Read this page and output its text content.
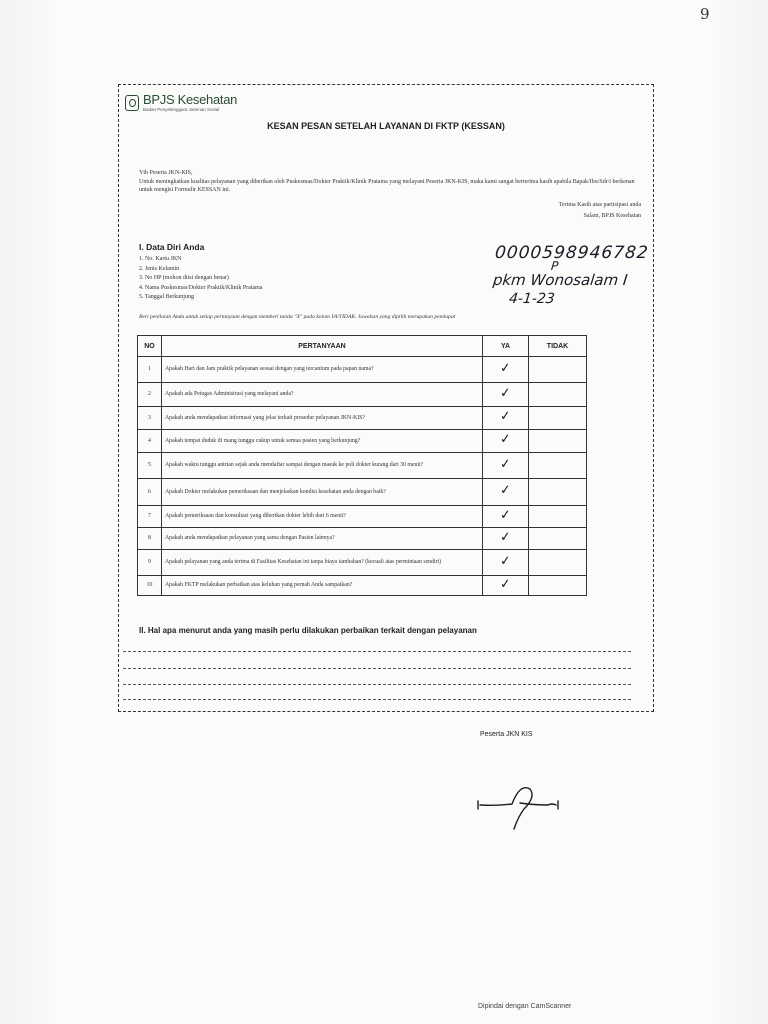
9
BPJS Kesehatan
Badan Penyelenggara Jaminan Sosial
KESAN PESAN SETELAH LAYANAN DI FKTP (KESSAN)
Yth Peserta JKN-KIS,
Untuk meningkatkan kualitas pelayanan yang diberikan oleh Puskesmas/Dokter Praktik/Klinik Pratama yang melayani Peserta JKN-KIS, maka kami sangat berterima kasih apabila Bapak/Ibu/Sdr/i berkenan untuk mengisi Formulir KESSAN ini.
Terima Kasih atas partisipasi anda
Salam, BPJS Kesehatan
I. Data Diri Anda
1. No. Kartu JKN
2. Jenis Kelamin
3. No HP (mohon diisi dengan benar)
4. Nama Puskesmas/Dokter Praktik/Klinik Pratama
5. Tanggal Berkunjung
0000598946782
P
pkm Wonosalam I
4-1-23
Beri penilaian Anda untuk setiap pertanyaan dengan memberi tanda "X" pada kolom YA/TIDAK. Jawaban yang dipilih merupakan pendapat
NO	PERTANYAAN	YA	TIDAK
1	Apakah Hari dan Jam praktik pelayanan sesuai dengan yang tercantum pada papan nama?	✓	
2	Apakah ada Petugas Administrasi yang melayani anda?	✓	
3	Apakah anda mendapatkan informasi yang jelas terkait prosedur pelayanan JKN-KIS?	✓	
4	Apakah tempat duduk di ruang tunggu cukup untuk semua pasien yang berkunjung?	✓	
5	Apakah waktu tunggu antrian sejak anda mendaftar sampai dengan masuk ke poli dokter kurang dari 30 menit?	✓	
6	Apakah Dokter melakukan pemeriksaan dan menjelaskan kondisi kesehatan anda dengan baik?	✓	
7	Apakah pemeriksaan dan konsultasi yang diberikan dokter lebih dari 6 menit?	✓	
8	Apakah anda mendapatkan pelayanan yang sama dengan Pasien lainnya?	✓	
9	Apakah pelayanan yang anda terima di Fasilitas Kesehatan ini tanpa biaya tambahan? (kecuali atas permintaan sendiri)	✓	
10	Apakah FKTP melakukan perbaikan atas keluhan yang pernah Anda sampaikan?	✓	
II. Hal apa menurut anda yang masih perlu dilakukan perbaikan terkait dengan pelayanan
Peserta JKN KIS
Dipindai dengan CamScanner
